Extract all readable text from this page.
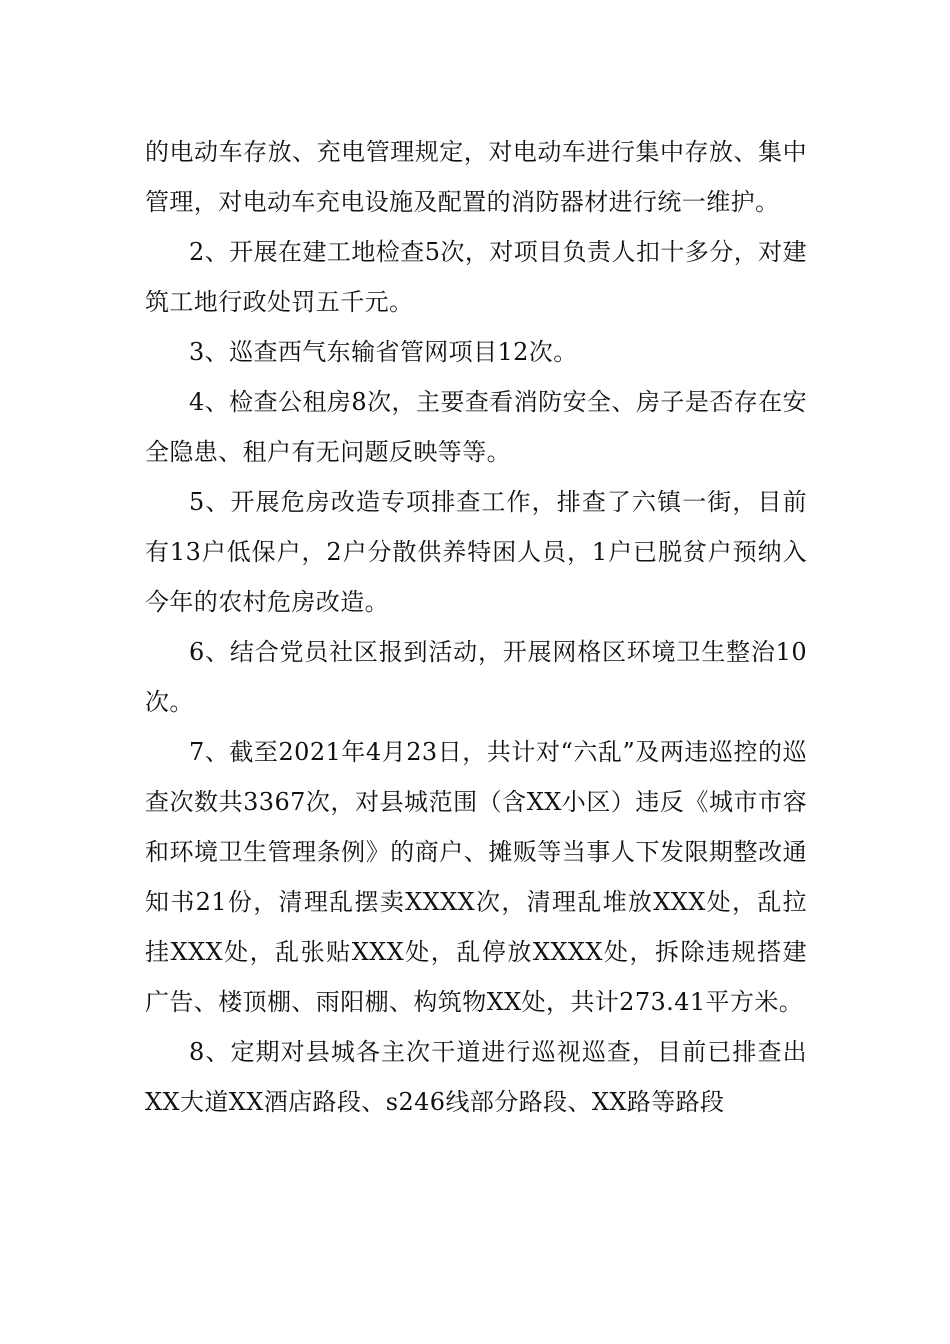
的电动车存放、充电管理规定，对电动车进行集中存放、集中管理，对电动车充电设施及配置的消防器材进行统一维护。

2、开展在建工地检查5次，对项目负责人扣十多分，对建筑工地行政处罚五千元。

3、巡查西气东输省管网项目12次。

4、检查公租房8次，主要查看消防安全、房子是否存在安全隐患、租户有无问题反映等等。

5、开展危房改造专项排查工作，排查了六镇一街，目前有13户低保户，2户分散供养特困人员，1户已脱贫户预纳入今年的农村危房改造。

6、结合党员社区报到活动，开展网格区环境卫生整治10次。

7、截至2021年4月23日，共计对“六乱”及两违巡控的巡查次数共3367次，对县城范围（含XX小区）违反《城市市容和环境卫生管理条例》的商户、摊贩等当事人下发限期整改通知书21份，清理乱摆卖XXXX次，清理乱堆放XXX处，乱拉挂XXX处，乱张贴XXX处，乱停放XXXX处，拆除违规搭建广告、楼顶棚、雨阳棚、构筑物XX处，共计273.41平方米。

8、定期对县城各主次干道进行巡视巡查，目前已排查出XX大道XX酒店路段、s246线部分路段、XX路等路段
